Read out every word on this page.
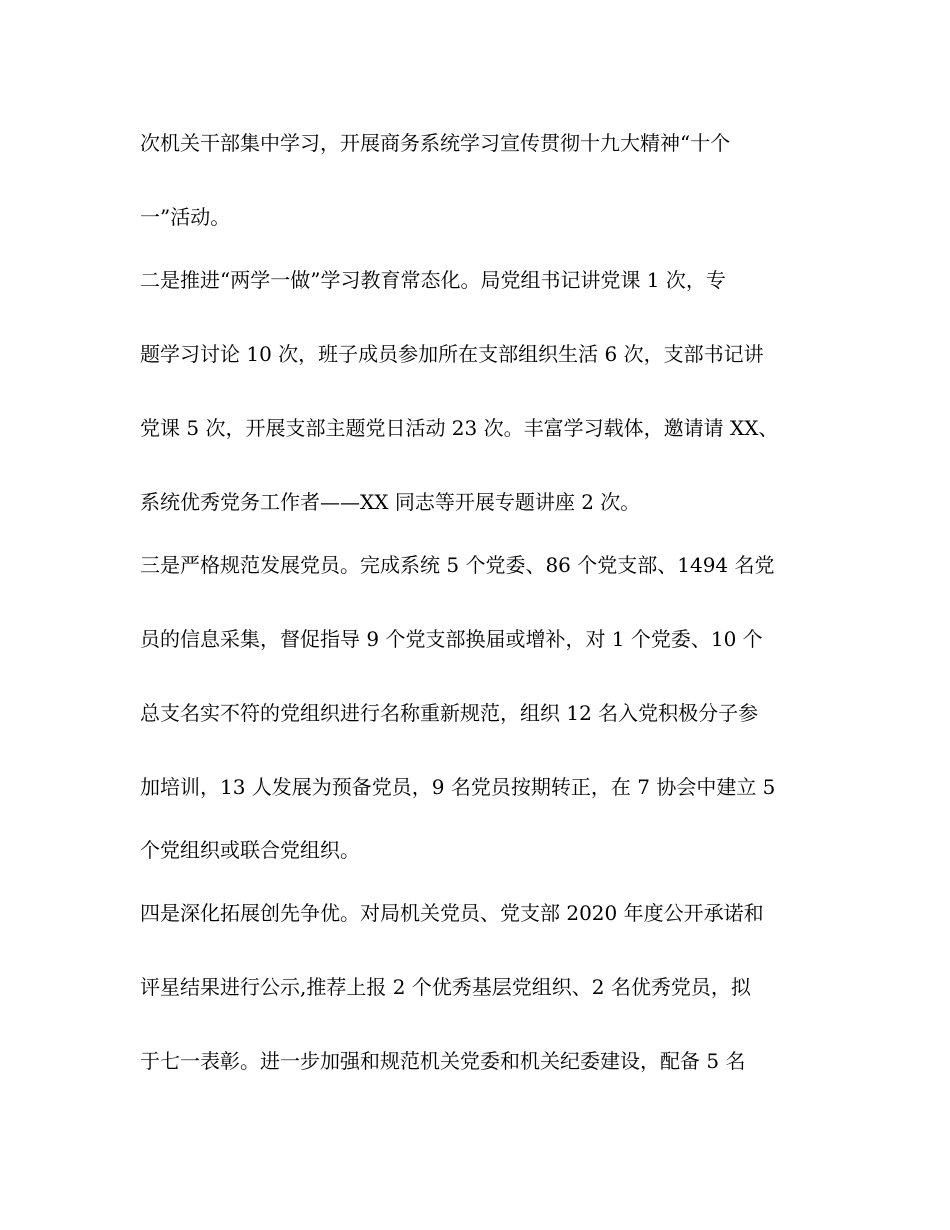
次机关干部集中学习，开展商务系统学习宣传贯彻十九大精神“十个
一”活动。
二是推进“两学一做”学习教育常态化。局党组书记讲党课 1 次，专
题学习讨论 10 次，班子成员参加所在支部组织生活 6 次，支部书记讲
党课 5 次，开展支部主题党日活动 23 次。丰富学习载体，邀请请 XX、
系统优秀党务工作者——XX 同志等开展专题讲座 2 次。
三是严格规范发展党员。完成系统 5 个党委、86 个党支部、1494 名党
员的信息采集，督促指导 9 个党支部换届或增补，对 1 个党委、10 个
总支名实不符的党组织进行名称重新规范，组织 12 名入党积极分子参
加培训，13 人发展为预备党员，9 名党员按期转正，在 7 协会中建立 5
个党组织或联合党组织。
四是深化拓展创先争优。对局机关党员、党支部 2020 年度公开承诺和
评星结果进行公示,推荐上报 2 个优秀基层党组织、2 名优秀党员，拟
于七一表彰。进一步加强和规范机关党委和机关纪委建设，配备 5 名
